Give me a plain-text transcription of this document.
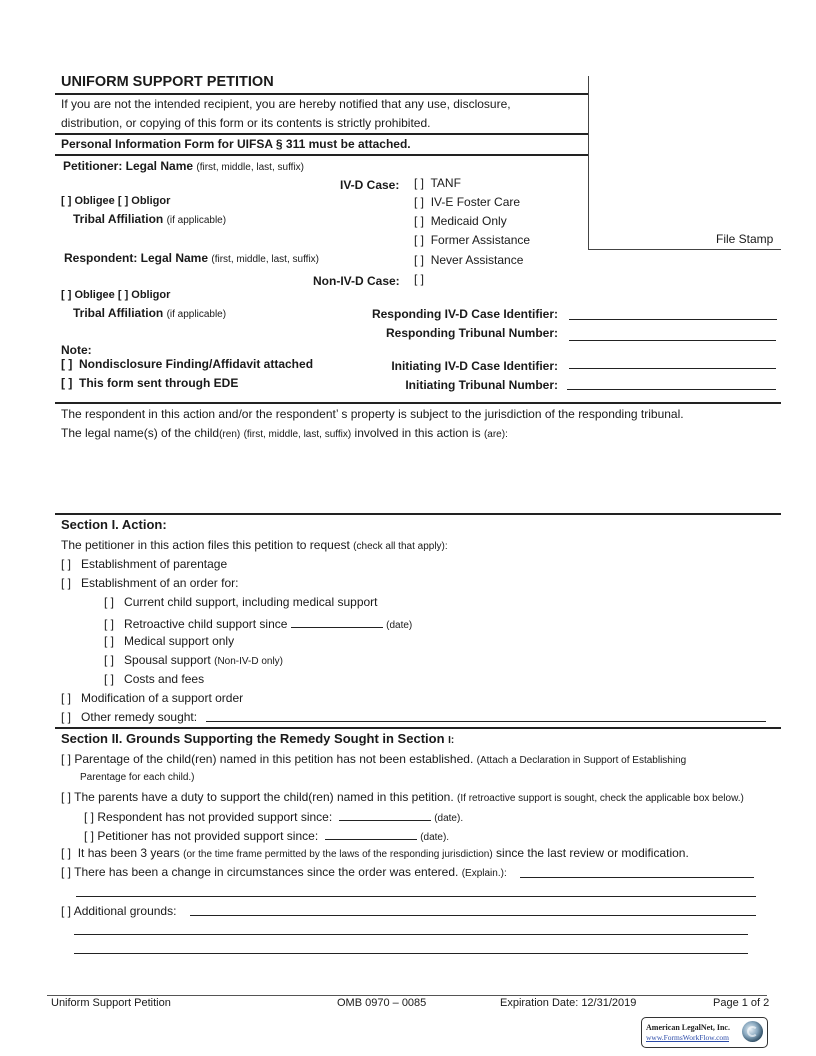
UNIFORM SUPPORT PETITION
If you are not the intended recipient, you are hereby notified that any use, disclosure,
distribution, or copying of this form or its contents is strictly prohibited.
Personal Information Form for UIFSA § 311 must be attached.
File Stamp
Petitioner: Legal Name (first, middle, last, suffix)
[ ] Obligee [ ] Obligor
Tribal Affiliation (if applicable)
Respondent: Legal Name (first, middle, last, suffix)
[ ] Obligee [ ] Obligor
Tribal Affiliation (if applicable)
IV-D Case: [ ] TANF
[ ] IV-E Foster Care
[ ] Medicaid Only
[ ] Former Assistance
[ ] Never Assistance
Non-IV-D Case: [ ]
Responding IV-D Case Identifier:
Responding Tribunal Number:
Initiating IV-D Case Identifier:
Initiating Tribunal Number:
Note:
[ ] Nondisclosure Finding/Affidavit attached
[ ] This form sent through EDE
The respondent in this action and/or the respondent’ s property is subject to the jurisdiction of the responding tribunal.
The legal name(s) of the child(ren) (first, middle, last, suffix) involved in this action is (are):
Section I. Action:
The petitioner in this action files this petition to request (check all that apply):
[ ] Establishment of parentage
[ ] Establishment of an order for:
[ ] Current child support, including medical support
[ ] Retroactive child support since	(date)
[ ] Medical support only
[ ] Spousal support (Non-IV-D only)
[ ] Costs and fees
[ ] Modification of a support order
[ ] Other remedy sought:
Section II. Grounds Supporting the Remedy Sought in Section I:
[ ] Parentage of the child(ren) named in this petition has not been established. (Attach a Declaration in Support of Establishing
Parentage for each child.)
[ ] The parents have a duty to support the child(ren) named in this petition. (If retroactive support is sought, check the applicable box below.)
[ ] Respondent has not provided support since:	(date).
[ ] Petitioner has not provided support since:	(date).
[ ] It has been 3 years (or the time frame permitted by the laws of the responding jurisdiction) since the last review or modification.
[ ] There has been a change in circumstances since the order was entered. (Explain.):
[ ] Additional grounds:
Uniform Support Petition	OMB 0970 – 0085	Expiration Date: 12/31/2019	Page 1 of 2
American LegalNet, Inc.
www.FormsWorkFlow.com
